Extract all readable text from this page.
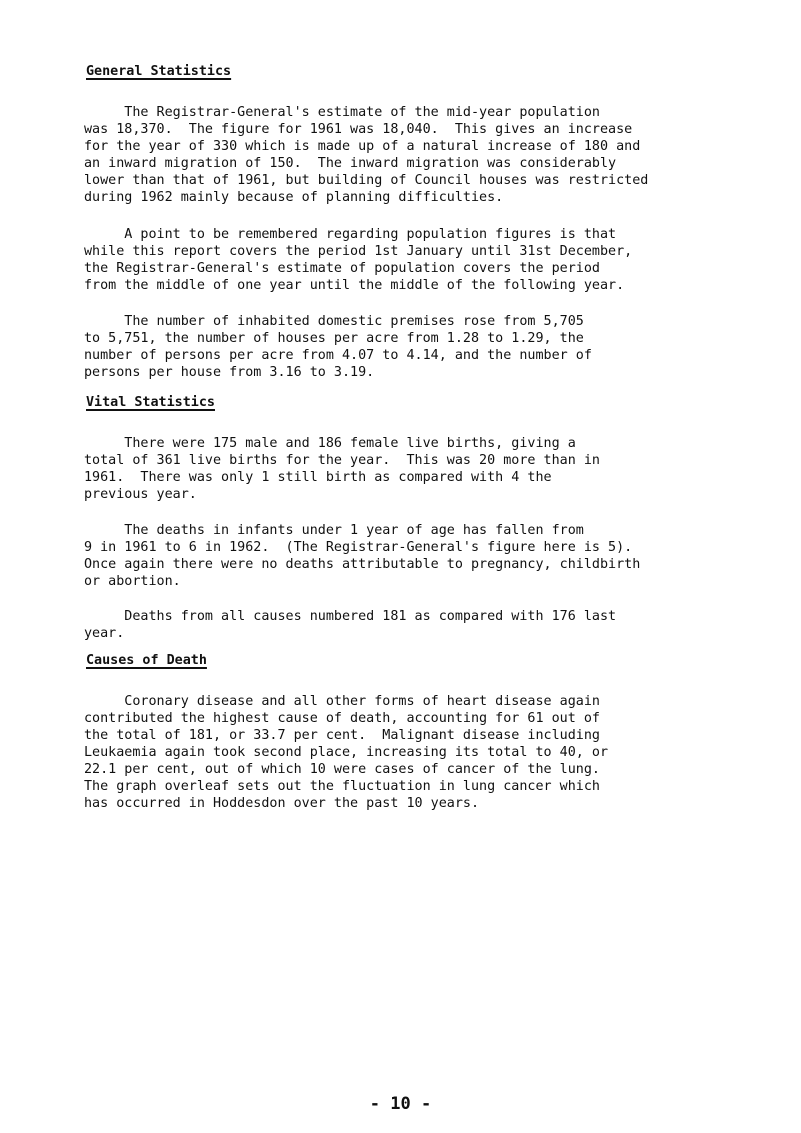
General Statistics
The Registrar-General's estimate of the mid-year population
was 18,370.  The figure for 1961 was 18,040.  This gives an increase
for the year of 330 which is made up of a natural increase of 180 and
an inward migration of 150.  The inward migration was considerably
lower than that of 1961, but building of Council houses was restricted
during 1962 mainly because of planning difficulties.
A point to be remembered regarding population figures is that
while this report covers the period 1st January until 31st December,
the Registrar-General's estimate of population covers the period
from the middle of one year until the middle of the following year.
The number of inhabited domestic premises rose from 5,705
to 5,751, the number of houses per acre from 1.28 to 1.29, the
number of persons per acre from 4.07 to 4.14, and the number of
persons per house from 3.16 to 3.19.
Vital Statistics
There were 175 male and 186 female live births, giving a
total of 361 live births for the year.  This was 20 more than in
1961.  There was only 1 still birth as compared with 4 the
previous year.
The deaths in infants under 1 year of age has fallen from
9 in 1961 to 6 in 1962.  (The Registrar-General's figure here is 5).
Once again there were no deaths attributable to pregnancy, childbirth
or abortion.
Deaths from all causes numbered 181 as compared with 176 last
year.
Causes of Death
Coronary disease and all other forms of heart disease again
contributed the highest cause of death, accounting for 61 out of
the total of 181, or 33.7 per cent.  Malignant disease including
Leukaemia again took second place, increasing its total to 40, or
22.1 per cent, out of which 10 were cases of cancer of the lung.
The graph overleaf sets out the fluctuation in lung cancer which
has occurred in Hoddesdon over the past 10 years.
- 10 -
